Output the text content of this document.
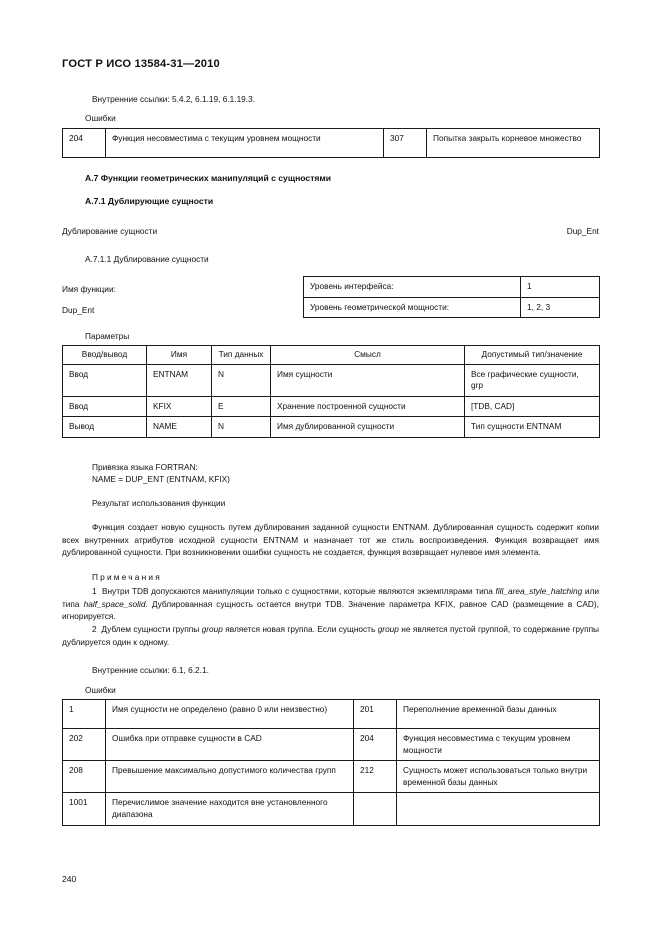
ГОСТ Р ИСО 13584-31—2010
Внутренние ссылки: 5.4.2, 6.1.19, 6.1.19.3.
Ошибки
204	Функция несовместима с текущим уровнем мощности	307	Попытка закрыть корневое множество
А.7 Функции геометрических манипуляций с сущностями
А.7.1 Дублирующие сущности
Дублирование сущности	Dup_Ent
А.7.1.1 Дублирование сущности
Имя функции:
Dup_Ent
Уровень интерфейса:	1
Уровень геометрической мощности:	1, 2, 3
Параметры
Ввод/вывод	Имя	Тип данных	Смысл	Допустимый тип/значение
Ввод	ENTNAM	N	Имя сущности	Все графические сущности, grp
Ввод	KFIX	E	Хранение построенной сущности	[TDB, CAD]
Вывод	NAME	N	Имя дублированной сущности	Тип сущности ENTNAM
Привязка языка FORTRAN:
NAME = DUP_ENT (ENTNAM, KFIX)
Результат использования функции
Функция создает новую сущность путем дублирования заданной сущности ENTNAM. Дублированная сущность содержит копии всех внутренних атрибутов исходной сущности ENTNAM и назначает тот же стиль воспроизведения. Функция возвращает имя дублированной сущности. При возникновении ошибки сущность не создается, функция возвращает нулевое имя элемента.
Примечания
1 Внутри TDB допускаются манипуляции только с сущностями, которые являются экземплярами типа fill_area_style_hatching или типа half_space_solid. Дублированная сущность остается внутри TDB. Значение параметра KFIX, равное CAD (размещение в CAD), игнорируется.
2 Дублем сущности группы group является новая группа. Если сущность group не является пустой группой, то содержание группы дублируется один к одному.
Внутренние ссылки: 6.1, 6.2.1.
Ошибки
1	Имя сущности не определено (равно 0 или неизвестно)	201	Переполнение временной базы данных
202	Ошибка при отправке сущности в CAD	204	Функция несовместима с текущим уровнем мощности
208	Превышение максимально допустимого количества групп	212	Сущность может использоваться только внутри временной базы данных
1001	Перечислимое значение находится вне установленного диапазона		
240
